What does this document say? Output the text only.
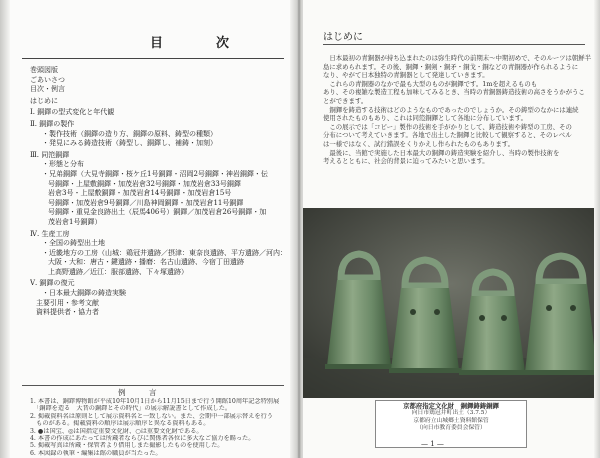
目　次
巻頭図版
ごあいさつ
目次・例言
はじめに
Ⅰ. 銅鐸の型式変化と年代観
Ⅱ. 銅鐸の製作
・製作技術（銅鐸の造り方、銅鐸の原料、鋳型の種類）
・発見にみる鋳造技術（鋳型し、銅鐸し、補鋳・加刻）
Ⅲ. 同笵銅鐸
・形態と分布
・兄弟銅鐸（大見寺銅鐸・桜ケ丘1号銅鐸・沼岡2号銅鐸・神岩銅鐸・伝
号銅鐸・上屋敷銅鐸・加茂岩倉32号銅鐸・加茂岩倉33号銅鐸
岩倉3号・上屋敷銅鐸・加茂岩倉14号銅鐸・加茂岩倉15号
号銅鐸・加茂岩倉9号銅鐸／川島神岡銅鐸・加茂岩倉11号銅鐸
号銅鐸・重見金良跡出土（辰馬406号）銅鐸／加茂岩倉26号銅鐸・加
茂岩倉1号銅鐸）
Ⅳ. 生産工房
・全国の鋳型出土地
・近畿地方の工房（山城：鶏冠井遺跡／摂津：東奈良遺跡、平方遺跡／河内：
大阪・大和：唐古・鍵遺跡・播磨：名古山遺跡、今宿丁田遺跡
上高野遺跡／近江：服部遺跡、下々塚遺跡）
Ⅴ. 銅鐸の復元
・日本最大銅鐸の鋳造実験
主要引用・参考文献
資料提供者・協力者
例　言
1. 本書は、銅鐸博物館が平成10年10月1日から11月15日まで行う開館10周年記念特別展
　「銅鐸を造る　大昔の銅鐸とその時代」の展示解説書として作成した。
2. 掲載資料名は原則として展示資料名と一致しない。また、会期中一部展示替えを行う
　ものがある。掲載資料の順序は展示順序と異なる資料もある。
3. ●は国宝、◎は国指定重要文化財、○は重要文化財である。
4. 本書の作成にあたっては所蔵者ならびに関係者各位に多大なご協力を賜った。
5. 掲載写真は所蔵・保管者より借用しまた撮影したものを使用した。
6. 本図録の執筆・編集は館の職員が当たった。
はじめに
　日本最初の青銅器が持ち込まれたのは弥生時代の前期末〜中期初めで、そのルーツは朝鮮半
島に求められます。その後、銅鐸・銅剣・銅矛・銅戈・銅などの青銅器が作られるように
なり、やがて日本独特の青銅器として発達していきます。
　これらの青銅器のなかで最も大型のものが銅鐸です。1mを超えるものも
あり、その複雑な製造工程も加味してみるとき、当時の青銅器鋳造技術の高さをうかがうこ
とができます。
　銅鐸を鋳造する技術はどのようなものであったのでしょうか。その鋳型のなかには連続
使用されたものもあり、これは同笵銅鐸として各地に分布しています。
　この展示では「コピー」製作の技術を手がかりとして、鋳造技術や鋳型の工房、その
分布について考えていきます。各地で出土した銅鐸と比較して観察すると、そのレベル
は一様ではなく、試行錯誤をくりかえし作られたものもあります。
　最後に、当館で実施した日本最大の銅鐸の鋳造実験を紹介し、当時の製作技術を
考えるとともに、社会的背景に迫ってみたいと思います。
京都府指定文化財　銅鐸鋳鋳銅鐸
向日市鶏冠井町出土（3.7.5）
京都府立山城郷土資料館保管
（向日市教育委員会保管）
— 1 —
